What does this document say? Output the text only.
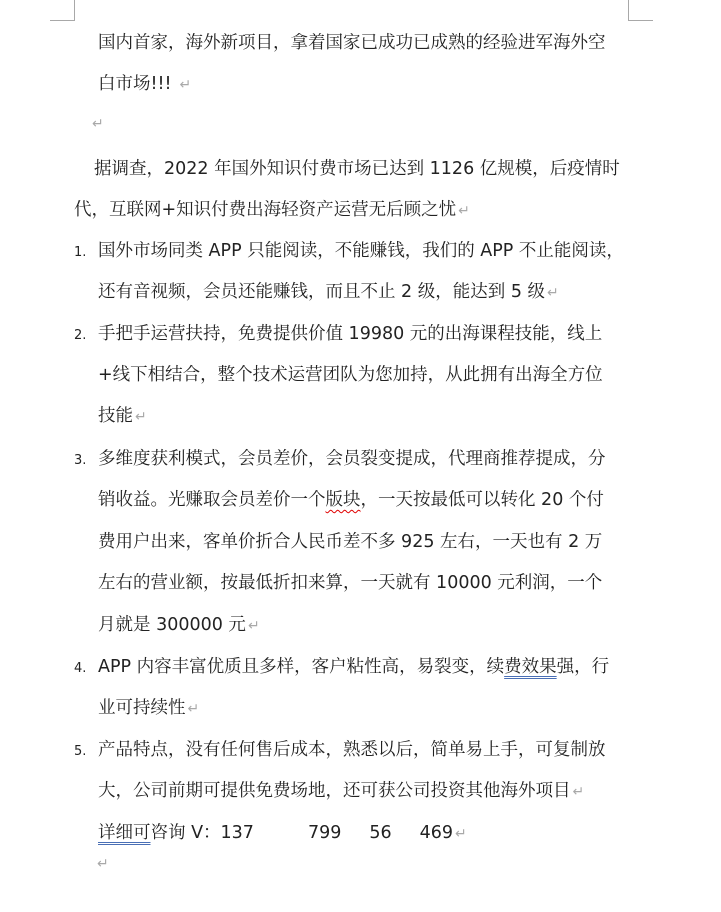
国内首家，海外新项目，拿着国家已成功已成熟的经验进军海外空
白市场!!! ↵
↵
据调查，2022 年国外知识付费市场已达到 1126 亿规模，后疫情时
代，互联网+知识付费出海轻资产运营无后顾之忧 ↵
1. 国外市场同类 APP 只能阅读，不能赚钱，我们的 APP 不止能阅读，
还有音视频，会员还能赚钱，而且不止 2 级，能达到 5 级 ↵
2. 手把手运营扶持，免费提供价值 19980 元的出海课程技能，线上
+线下相结合，整个技术运营团队为您加持，从此拥有出海全方位
技能 ↵
3. 多维度获利模式，会员差价，会员裂变提成，代理商推荐提成，分
销收益。光赚取会员差价一个版块，一天按最低可以转化 20 个付
费用户出来，客单价折合人民币差不多 925 左右，一天也有 2 万
左右的营业额，按最低折扣来算，一天就有 10000 元利润，一个
月就是 300000 元 ↵
4. APP 内容丰富优质且多样，客户粘性高，易裂变，续费效果强，行
业可持续性 ↵
5. 产品特点，没有任何售后成本，熟悉以后，简单易上手，可复制放
大，公司前期可提供免费场地，还可获公司投资其他海外项目 ↵
详细可咨询 V：137	799 56 469 ↵
↵
